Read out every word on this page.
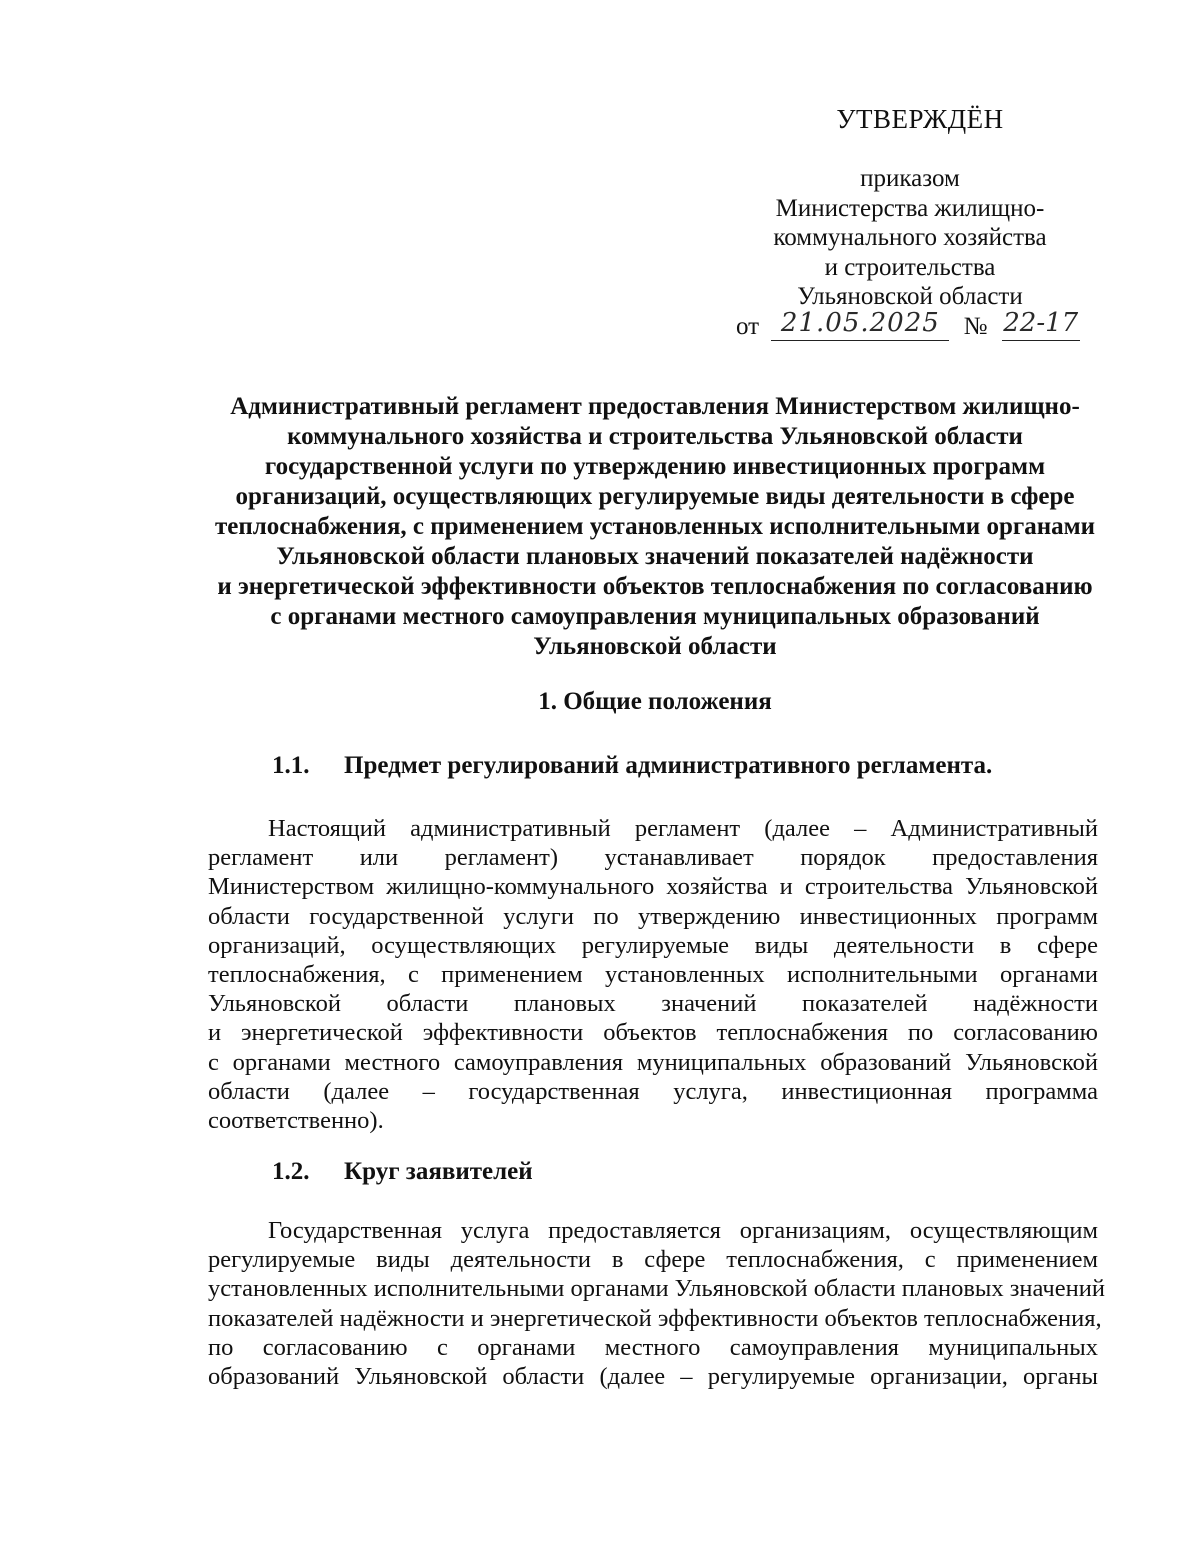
УТВЕРЖДЁН
приказом
Министерства жилищно-
коммунального хозяйства
и строительства
Ульяновской области
от 21.05.2025 № 22-17
Административный регламент предоставления Министерством жилищно-
коммунального хозяйства и строительства Ульяновской области
государственной услуги по утверждению инвестиционных программ
организаций, осуществляющих регулируемые виды деятельности в сфере
теплоснабжения, с применением установленных исполнительными органами
Ульяновской области плановых значений показателей надёжности
и энергетической эффективности объектов теплоснабжения по согласованию
с органами местного самоуправления муниципальных образований
Ульяновской области
1. Общие положения
1.1. Предмет регулирований административного регламента.
Настоящий административный регламент (далее – Административный
регламент или регламент) устанавливает порядок предоставления
Министерством жилищно-коммунального хозяйства и строительства Ульяновской
области государственной услуги по утверждению инвестиционных программ
организаций, осуществляющих регулируемые виды деятельности в сфере
теплоснабжения, с применением установленных исполнительными органами
Ульяновской области плановых значений показателей надёжности
и энергетической эффективности объектов теплоснабжения по согласованию
с органами местного самоуправления муниципальных образований Ульяновской
области (далее – государственная услуга, инвестиционная программа
соответственно).
1.2. Круг заявителей
Государственная услуга предоставляется организациям, осуществляющим
регулируемые виды деятельности в сфере теплоснабжения, с применением
установленных исполнительными органами Ульяновской области плановых значений
показателей надёжности и энергетической эффективности объектов теплоснабжения,
по согласованию с органами местного самоуправления муниципальных
образований Ульяновской области (далее – регулируемые организации, органы
